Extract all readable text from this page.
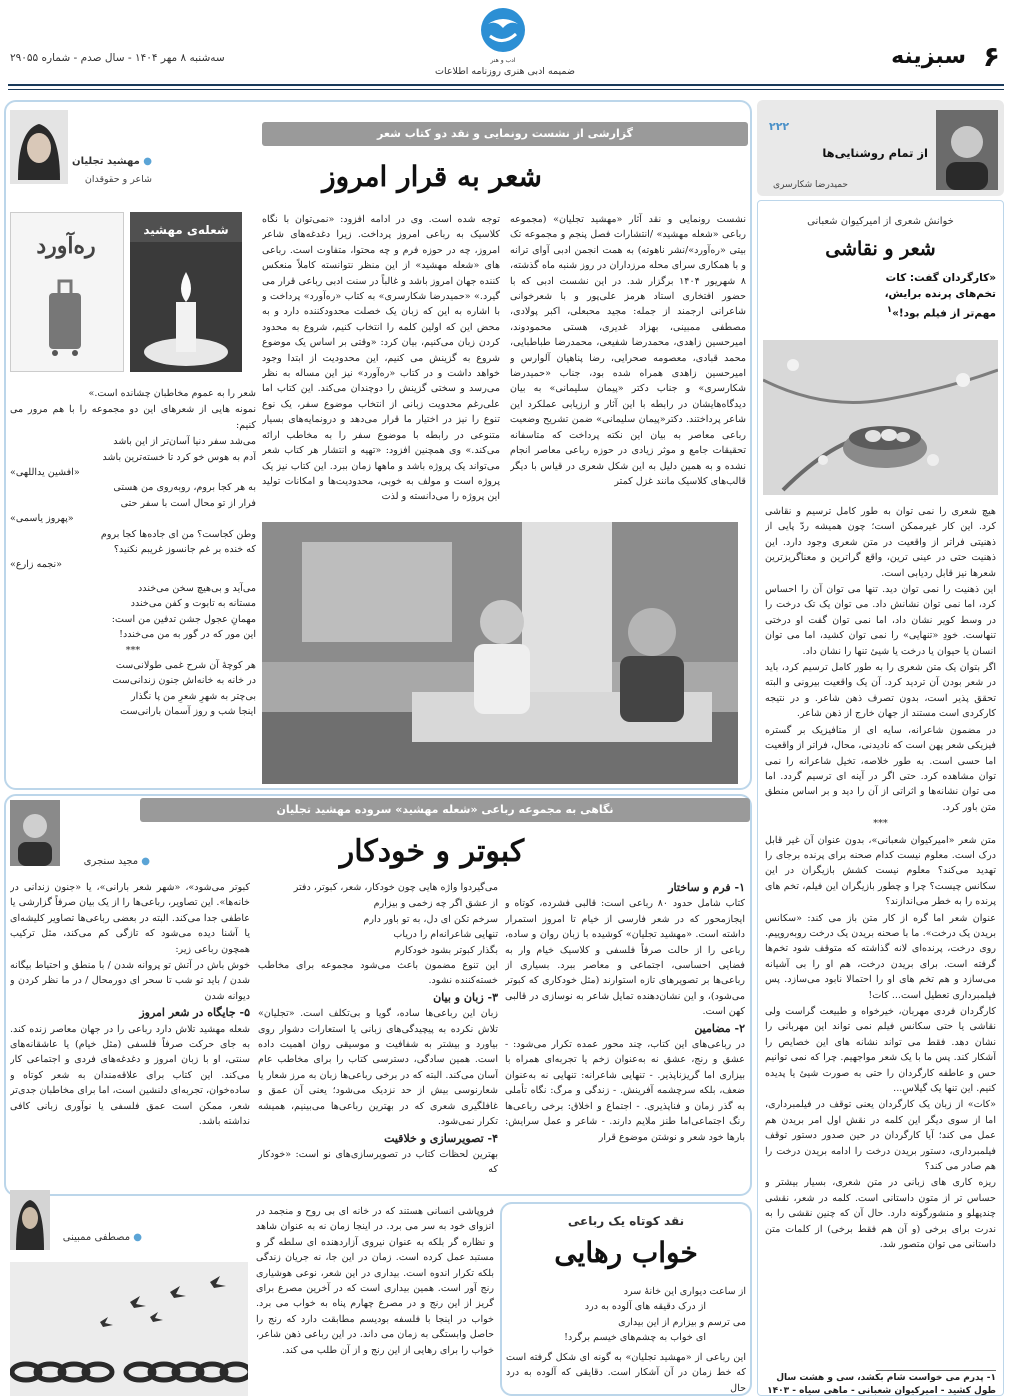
۶
سبزینه
سه‌شنبه ۸ مهر ۱۴۰۴ - سال صدم - شماره ۲۹۰۵۵	ادب و هنر
ضمیمه ادبی هنری روزنامه اطلاعات
۲۲۲
از تمام روشنایی‌ها
حمیدرضا شکارسری
خوانش شعری از امیرکیوان شعبانی
شعر و نقاشی
«کارگردان گفت: کات
تخم‌های پرنده برایش،
مهم‌تر از فیلم بود!»$^۱$

هیچ شعری را نمی توان به طور کامل ترسیم و نقاشی کرد. این کار غیرممکن است؛ چون همیشه ردّ پایی از ذهنیتی فراتر از واقعیت در متن شعری وجود دارد. این ذهنیت حتی در عینی ترین، واقع گراترین و معناگریزترین شعرها نیز قابل ردیابی است.

این ذهنیت را نمی توان دید. تنها می توان آن را احساس کرد، اما نمی توان نشانش داد. می توان یک تک درخت را در وسط کویر نشان داد، اما نمی توان گفت او درختی تنهاست. خودِ «تنهایی» را نمی توان کشید، اما می توان انسان یا حیوان یا درخت یا شیئ تنها را نشان داد.

اگر بتوان یک متن شعری را به طور کامل ترسیم کرد، باید در شعر بودن آن تردید کرد. آن یک واقعیت بیرونی و البته تحقق پذیر است، بدون تصرف ذهن شاعر. و در نتیجه کارکردی است مستند از جهان خارج از ذهن شاعر.

در مضمون شاعرانه، سایه ای از متافیزیک بر گستره فیزیکی شعر پهن است که نادیدنی، محال، فراتر از واقعیت اما حسی است. به طور خلاصه، تخیل شاعرانه را نمی توان مشاهده کرد. حتی اگر در آینه ای ترسیم گردد. اما می توان نشانه‌ها و اثراتی از آن را دید و بر اساس منطق متن باور کرد.

***

متن شعر «امیرکیوان شعبانی»، بدون عنوان آن غیر قابل درک است. معلوم نیست کدام صحنه برای پرنده برجای را تهدید می‌کند؟ معلوم نیست کشش بازیگران در این سکانس چیست؟ چرا و چطور بازیگران این فیلم، تخم های پرنده را به خطر می‌اندازند؟

عنوان شعر اما گره از کار متن باز می کند: «سکانس بریدن یک درخت». ما با صحنه بریدن یک درخت روبه‌روییم. روی درخت، پرنده‌ای لانه گذاشته که متوقف شود تخم‌ها گرفته است. برای بریدن درخت، هم او را بی آشیانه می‌سازد و هم تخم های او را احتمالا نابود می‌سازد. پس فیلمبرداری تعطیل است... کات!

کارگردان فردی مهربان، خیرخواه و طبیعت گراست ولی نقاشی یا حتی سکانس فیلم نمی تواند این مهربانی را نشان دهد. فقط می تواند نشانه های این خصایص را آشکار کند. پس ما با یک شعر مواجهیم. چرا که نمی توانیم حس و عاطفه کارگردان را حتی به صورت شیئ یا پدیده کنیم. این تنها یک گیلاسِ...

«کات» از زبان یک کارگردان یعنی توقف در فیلمبرداری، اما از سوی دیگر این کلمه در نقش اول امر بریدن هم عمل می کند؛ آیا کارگردان در حین صدور دستور توقف فیلمبرداری، دستور بریدن درخت را ادامه بریدن درخت را هم صادر می کند؟

ریزه کاری های زبانی در متن شعری، بسیار بیشتر و حساس تر از متون داستانی است. کلمه در شعر، نقشی چندپهلو و منشورگونه دارد. حال آن که چنین نقشی را به ندرت برای برخی (و آن هم فقط برخی) از کلمات متن داستانی می توان متصور شد.

۱- پدرم می خواست شام بکشد، سی و هشت سال طول کشید - امیرکیوان شعبانی - ماهی سیاه - ۱۴۰۳
گزارشی از نشست رونمایی و نقد دو کتاب شعر
شعر به قرار امروز
● مهشید تجلیان
شاعر و حقوقدان
شعله‌ی مهشید
ره‌آورد
نشست رونمایی و نقد آثار «مهشید تجلیان» (مجموعه رباعی «شعله مهشید» /انتشارات فصل پنجم و مجموعه تک بیتی «ره‌آورد»/نشر ناهوته) به همت انجمن ادبی آوای ترانه و با همکاری سرای محله مرزداران در روز شنبه ماه گذشته، ۸ شهریور ۱۴۰۴ برگزار شد. در این نشست ادبی که با حضور افتخاری استاد هرمز علی‌پور و با شعرخوانی شاعرانی ارجمند از جمله: مجید محبعلی، اکبر پولادی، مصطفی ممبینی، بهزاد غدیری، هستی محمودوند، امیرحسین زاهدی، محمدرضا شفیعی، محمدرضا طباطبایی، محمد قبادی، معصومه صحرایی، رضا پناهیان آلوارس و امیرحسین زاهدی همراه شده بود، جناب «حمیدرضا شکارسری» و جناب دکتر «پیمان سلیمانی» به بیان دیدگاه‌هایشان در رابطه با این آثار و ارزیابی عملکرد این شاعر پرداختند. دکتر«پیمان سلیمانی» ضمن تشریح وضعیت رباعی معاصر به بیان این نکته پرداخت که متاسفانه تحقیقات جامع و موثر زیادی در حوزه رباعی معاصر انجام نشده و به همین دلیل به این شکل شعری در قیاس با دیگر قالب‌های کلاسیک مانند غزل کمتر
توجه شده است. وی در ادامه افزود: «نمی‌توان با نگاه کلاسیک به رباعی امروز پرداخت. زیرا دغدغه‌های شاعر امروز، چه در حوزه فرم و چه محتوا، متفاوت است. رباعی های «شعله مهشید» از این منظر نتوانسته کاملاً منعکس کننده جهان امروز باشد و غالباً در سنت ادبی رباعی قرار می گیرد.» «حمیدرضا شکارسری» به کتاب «ره‌آورد» پرداخت و با اشاره به این که زبان یک خصلت محدودکننده دارد و به محض این که اولین کلمه را انتخاب کنیم، شروع به محدود کردن زبان می‌کنیم، بیان کرد: «وقتی بر اساس یک موضوع شروع به گزینش می کنیم، این محدودیت از ابتدا وجود خواهد داشت و در کتاب «ره‌آورد» نیز این مساله به نظر می‌رسد و سختی گزینش را دوچندان می‌کند. این کتاب اما علی‌رغم محدویت زبانی از انتخاب موضوع سفر، یک نوع تنوع را نیز در اختیار ما قرار می‌دهد و درونمایه‌های بسیار متنوعی در رابطه با موضوع سفر را به مخاطب ارائه می‌کند.» وی همچنین افزود: «تهیه و انتشار هر کتاب شعر می‌تواند یک پروژه باشد و ماهها زمان ببرد. این کتاب نیز یک پروژه است و مولف به خوبی، محدودیت‌ها و امکانات تولید این پروژه را می‌دانسته و لذت

شعر را به عموم مخاطبان چشانده است.»

نمونه هایی از شعرهای این دو مجموعه را با هم مرور می کنیم:

می‌شد سفر دنیا آسان‌تر از این باشد
آدم به هوس خو کرد تا خسته‌ترین باشد
«افشین یداللهی»
به هر کجا بروم، روبه‌روی من هستی
فرار از تو محال است با سفر حتی
«پهروز یاسمی»
وطن کجاست؟ من ای جاده‌ها کجا بروم
که خنده بر غم جانسوز غریبم نکنید؟
«نجمه زارع»
می‌آید و بی‌هیچ سخن می‌خندد
مستانه به تابوت و کفن می‌خندد
مهمانِ عجول جشن تدفین من است:
این مور که در گور به من می‌خندد!
***
هر کوچهٔ آن شرح غمی طولانی‌ست
در خانه به خانه‌اش جنون زندانی‌ست
بی‌چتر به شهرِ شعرِ من پا نگذار
اینجا شب و روز آسمان بارانی‌ست
نگاهی به مجموعه رباعی «شعله مهشید» سروده مهشید تجلیان
کبوتر و خودکار
● مجید سنجری

۱- فرم و ساختار

کتاب شامل حدود ۸۰ رباعی است: قالبی فشرده، کوتاه و ایجازمحور که در شعر فارسی از خیام تا امروز استمرار داشته است. «مهشید تجلیان» کوشیده با زبان روان و ساده، رباعی را از حالت صرفاً فلسفی و کلاسیک خیام وار به فضایی احساسی، اجتماعی و معاصر ببرد. بسیاری از رباعی‌ها بر تصویرهای تازه استوارند (مثل خودکاری که کبوتر می‌شود)، و این نشان‌دهنده تمایل شاعر به نوسازی در قالبی کهن است.

۲- مضامین

در رباعی‌های این کتاب، چند محور عمده تکرار می‌شود: - عشق و رنج، عشق نه به‌عنوان زخم یا تجربه‌ای همراه با بیزاری اما گریزناپذیر. - تنهایی شاعرانه: تنهایی نه به‌عنوان ضعف، بلکه سرچشمه آفرینش. - زندگی و مرگ: نگاه تأملی به گذر زمان و فناپذیری. - اجتماع و اخلاق: برخی رباعی‌ها رنگ اجتماعی‌اما طنز ملایم دارند. - شاعر و عمل سرایش: بارها خود شعر و نوشتن موضوع قرار

می‌گیردوا واژه هایی چون خودکار، شعر، کبوتر، دفتر

از عشق اگر چه زخمی و بیزارم
سرخم تکن ای دل، به تو باور دارم
تنهایی شاعرانه‌ام را دریاب
بگذار کبوتر بشود خودکارم

این تنوع مضمون باعث می‌شود مجموعه برای مخاطب خسته‌کننده نشود.

۳- زبان و بیان

زبان این رباعی‌ها ساده، گویا و بی‌تکلف است. «تجلیان» تلاش نکرده به پیچیدگی‌های زبانی یا استعارات دشوار روی بیاورد و بیشتر به شفافیت و موسیقی روان اهمیت داده است. همین سادگی، دسترسی کتاب را برای مخاطب عام آسان می‌کند. البته که در برخی رباعی‌ها زبان به مرز شعار یا شعارنوسی بیش از حد نزدیک می‌شود؛ یعنی آن عمق و غافلگیری شعری که در بهترین رباعی‌ها می‌بینیم، همیشه تکرار نمی‌شود.

۴- تصویرسازی و خلاقیت

بهترین لحظات کتاب در تصویرسازی‌های نو است: «خودکار که

کبوتر می‌شود»، «شهر شعر بارانی»، یا «جنون زندانی در خانه‌ها». این تصاویر، رباعی‌ها را از یک بیان صرفاً گزارشی یا عاطفی جدا می‌کند. البته در بعضی رباعی‌ها تصاویر کلیشه‌ای یا آشنا دیده می‌شود که تازگی کم می‌کند، مثل ترکیب همچون رباعی زیر:

خوش باش در آتش تو پروانه شدن / با منطق و احتیاط بیگانه شدن / باید تو شب تا سحر ای دورمحال / در ما نظر کردن و دیوانه شدن

۵- جایگاه در شعر امروز

شعله مهشید تلاش دارد رباعی را در جهان معاصر زنده کند. به جای حرکت صرفاً فلسفی (مثل خیام) یا عاشقانه‌های سنتی، او با زبان امروز و دغدغه‌های فردی و اجتماعی کار می‌کند. این کتاب برای علاقه‌مندان به شعر کوتاه و ساده‌خوان، تجربه‌ای دلنشین است، اما برای مخاطبان جدی‌تر شعر، ممکن است عمق فلسفی یا نوآوری زبانی کافی نداشته باشد.

نقد کوتاه یک رباعی
خواب رهایی
از ساعت دیواری این خانهٔ سرد
از درک دقیقه های آلوده به درد
می ترسم و بیزارم از این بیداری
ای خواب به چشم‌های خیسم برگرد!
این رباعی از «مهشید تجلیان» به گونه ای شکل گرفته است که خط زمان در آن آشکار است. دقایقی که آلوده به درد حال
● مصطفی ممبینی
فروپاشی انسانی هستند که در خانه ای بی روح و منجمد در انزوای خود به سر می برد. در اینجا زمان نه به عنوان شاهد و نظاره گر بلکه به عنوان نیروی آزاردهنده ای سلطه گر و مستبد عمل کرده است. زمان در این جا، نه جریان زندگی بلکه تکرار اندوه است. بیداری در این شعر، نوعی هوشیاری رنج آور است. همین بیداری است که در آخرین مصرع برای گریز از این رنج و در مصرع چهارم پناه به خواب می برد. خواب در اینجا با فلسفه بودیسم مطابقت دارد که رنج را حاصل وابستگی به زمان می داند. در این رباعی ذهن شاعر، خواب را برای رهایی از این رنج و از آن طلب می کند.
